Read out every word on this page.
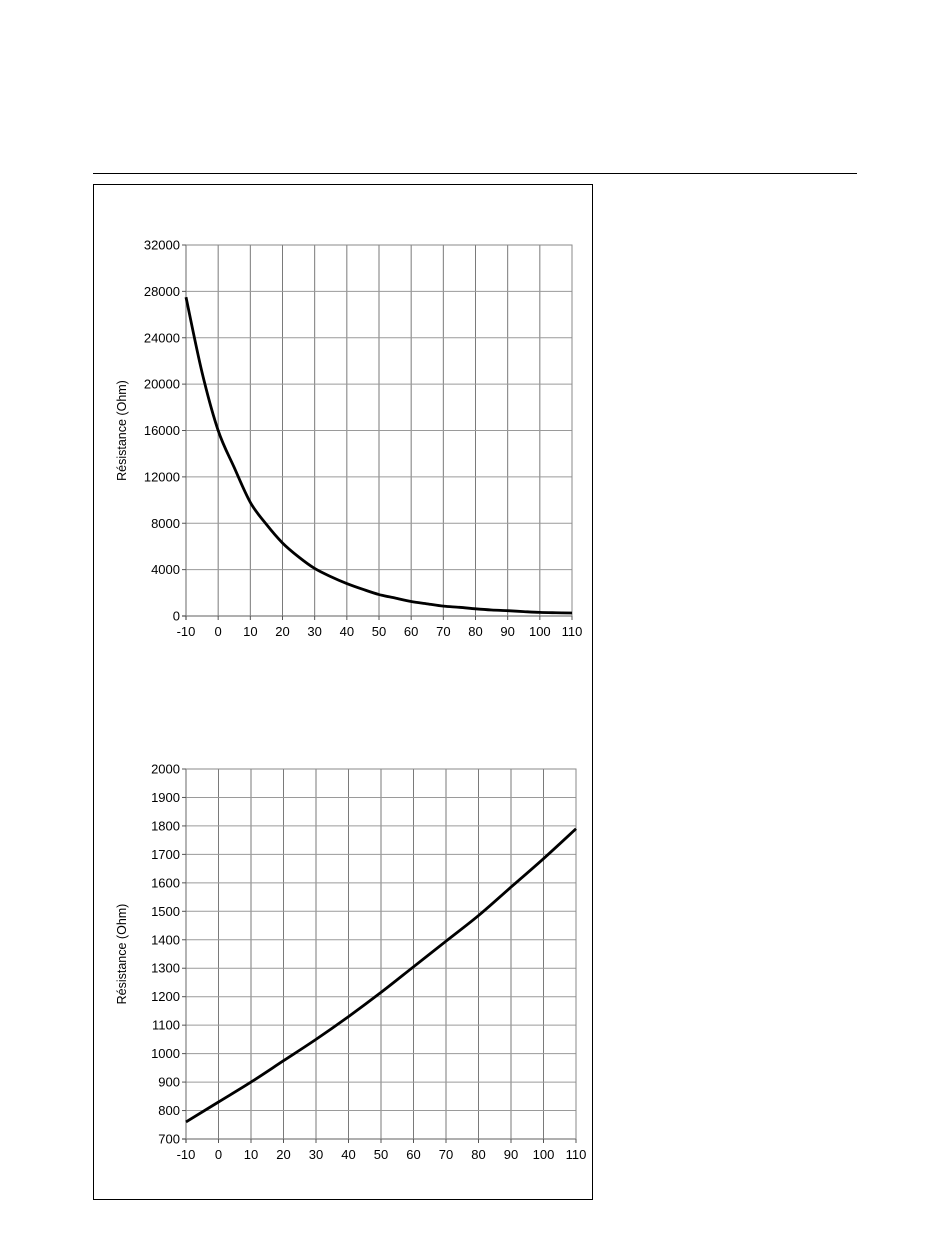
0
4000
8000
12000
16000
20000
24000
28000
32000
-10 0 10 20 30 40 50 60 70 80 90 100 110
Résistance (Ohm)
700
800
900
1000
1100
1200
1300
1400
1500
1600
1700
1800
1900
2000
-10 0 10 20 30 40 50 60 70 80 90 100 110
Résistance (Ohm)
